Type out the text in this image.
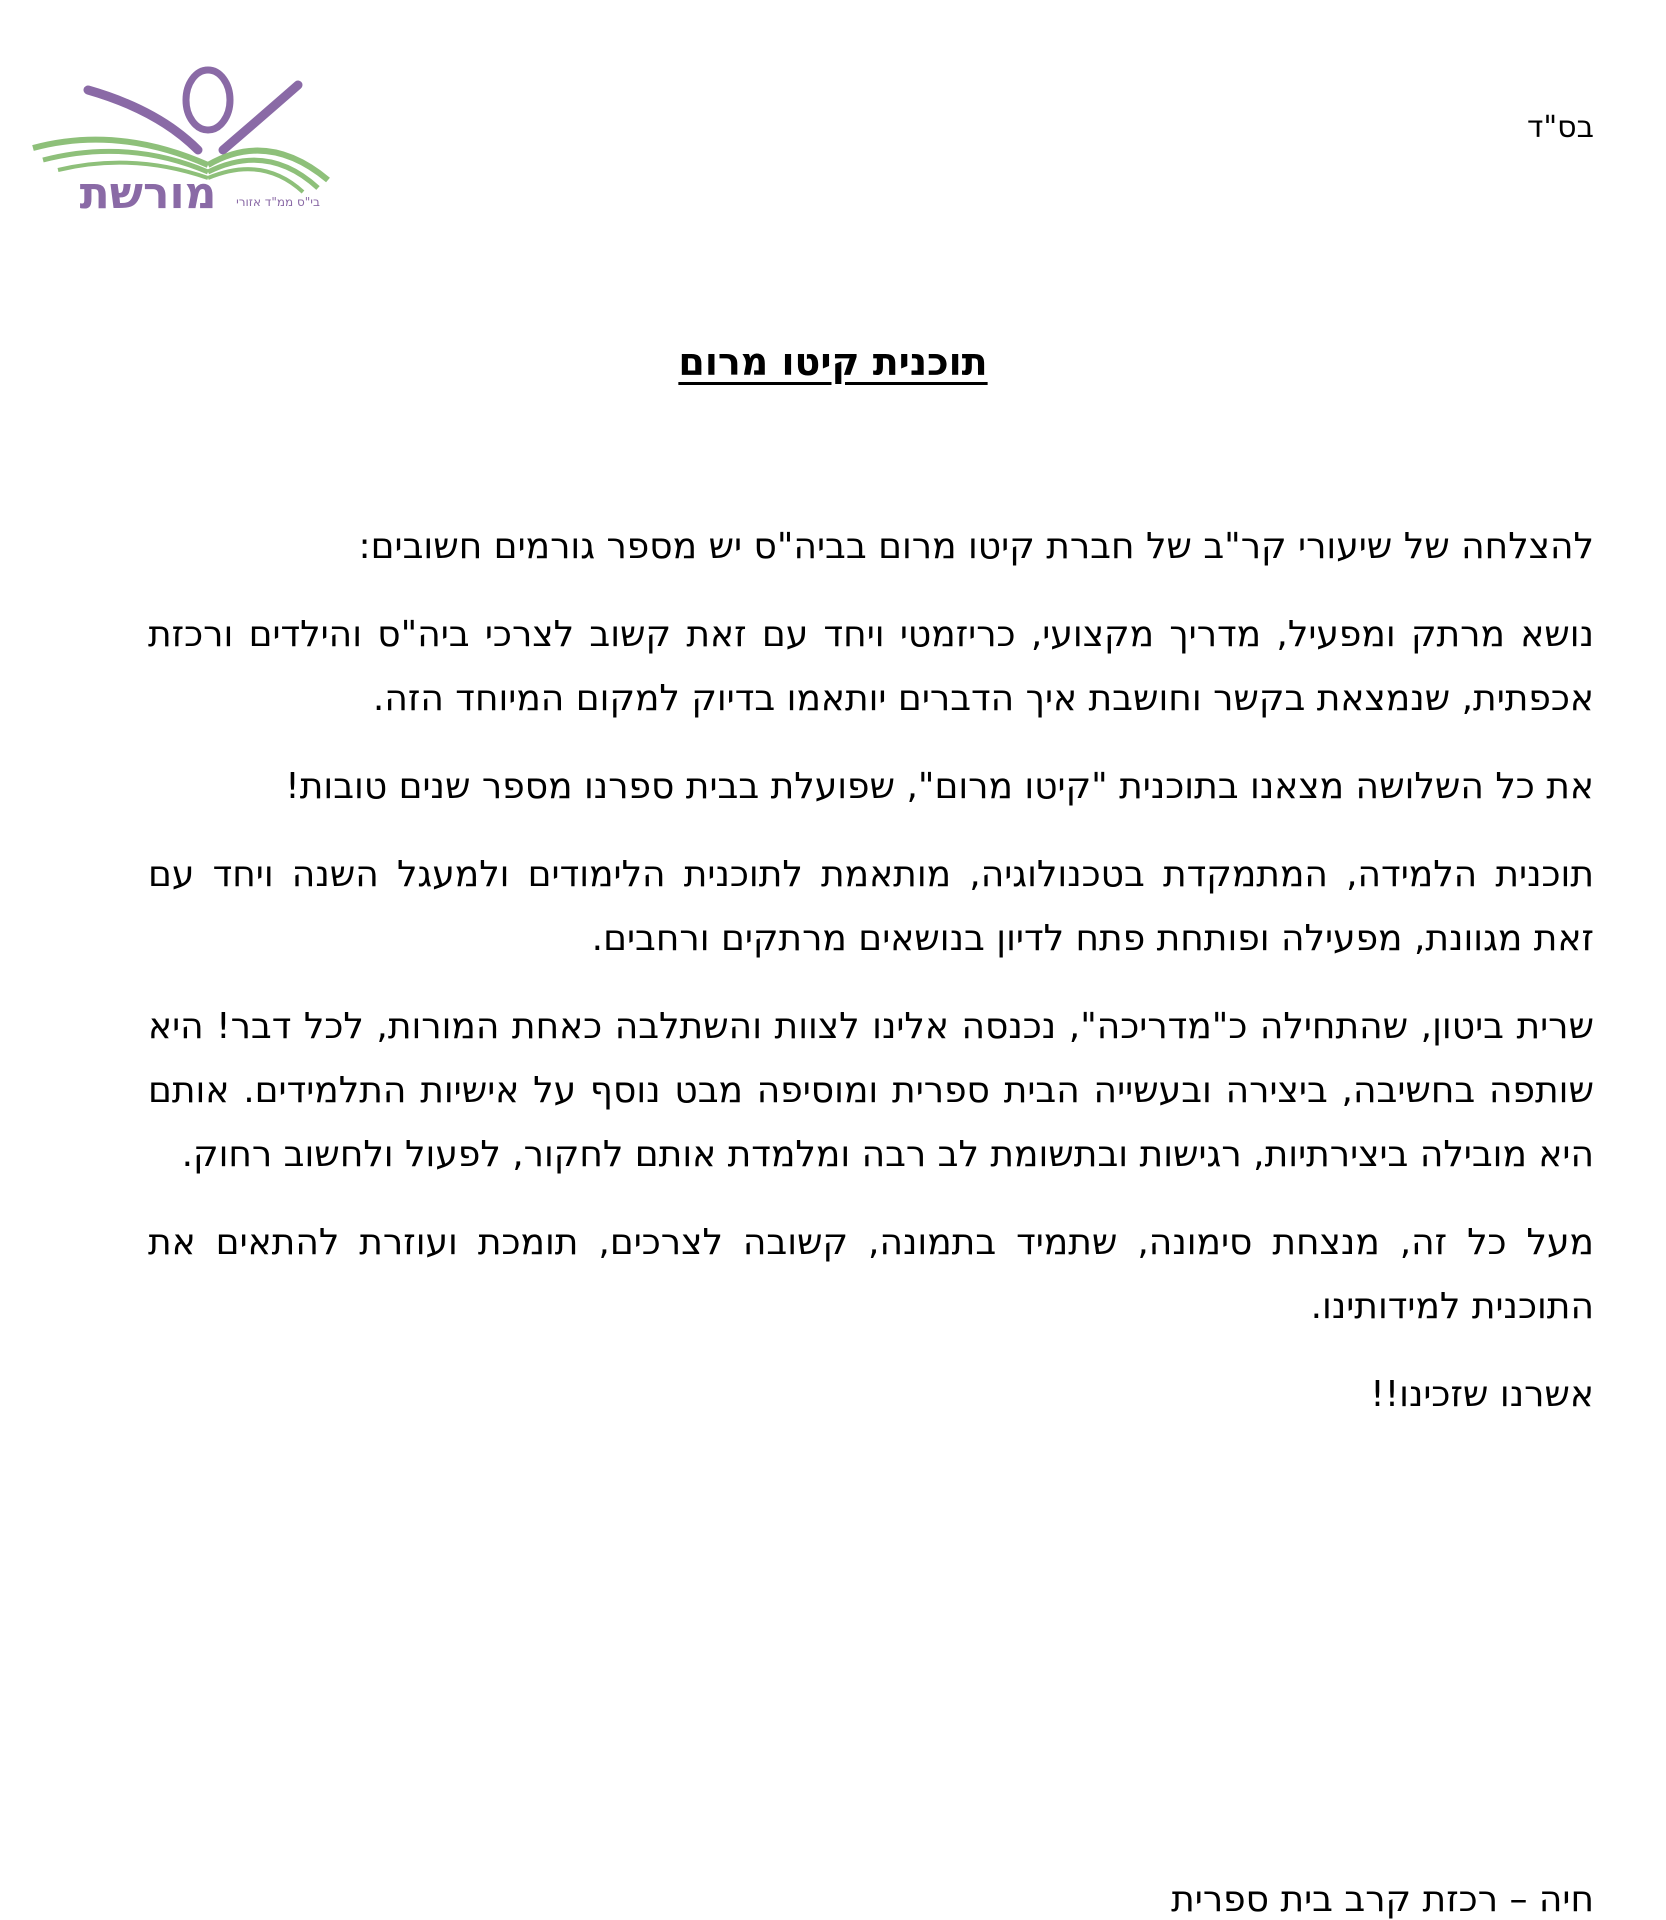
מורשת בי"ס ממ"ד אזורי
בס"ד
תוכנית קיטו מרום

להצלחה של שיעורי קר"ב של חברת קיטו מרום בביה"ס יש מספר גורמים חשובים:

נושא מרתק ומפעיל, מדריך מקצועי, כריזמטי ויחד עם זאת קשוב לצרכי ביה"ס והילדים ורכזת אכפתית, שנמצאת בקשר וחושבת איך הדברים יותאמו בדיוק למקום המיוחד הזה.

את כל השלושה מצאנו בתוכנית "קיטו מרום", שפועלת בבית ספרנו מספר שנים טובות!

תוכנית הלמידה, המתמקדת בטכנולוגיה, מותאמת לתוכנית הלימודים ולמעגל השנה ויחד עם זאת מגוונת, מפעילה ופותחת פתח לדיון בנושאים מרתקים ורחבים.

שרית ביטון, שהתחילה כ"מדריכה", נכנסה אלינו לצוות והשתלבה כאחת המורות, לכל דבר! היא שותפה בחשיבה, ביצירה ובעשייה הבית ספרית ומוסיפה מבט נוסף על אישיות התלמידים. אותם היא מובילה ביצירתיות, רגישות ובתשומת לב רבה ומלמדת אותם לחקור, לפעול ולחשוב רחוק.

מעל כל זה, מנצחת סימונה, שתמיד בתמונה, קשובה לצרכים, תומכת ועוזרת להתאים את התוכנית למידותינו.

אשרנו שזכינו!!

חיה – רכזת קרב בית ספרית
